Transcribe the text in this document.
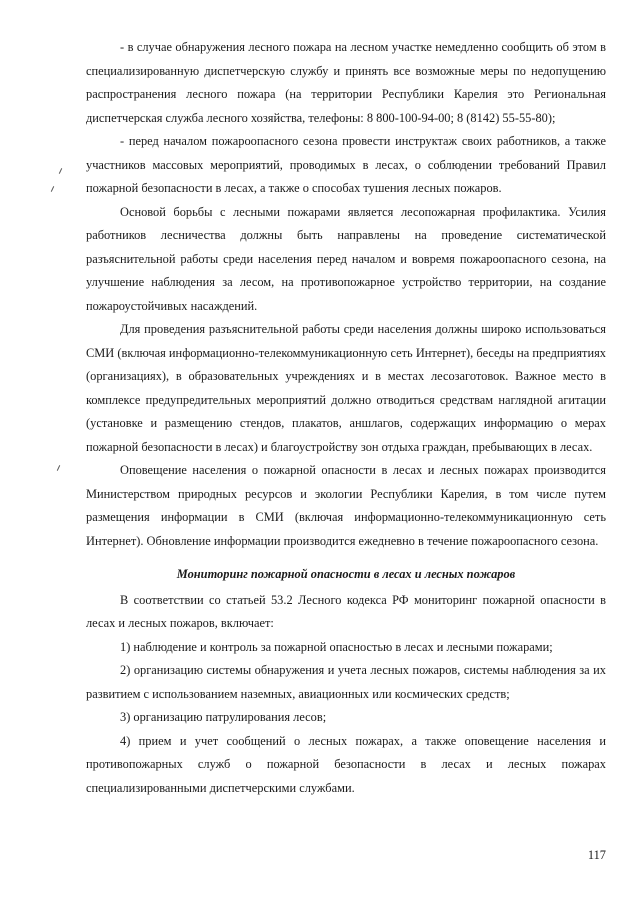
- в случае обнаружения лесного пожара на лесном участке немедленно сообщить об этом в специализированную диспетчерскую службу и принять все возможные меры по недопущению распространения лесного пожара (на территории Республики Карелия это Региональная диспетчерская служба лесного хозяйства, телефоны: 8 800-100-94-00; 8 (8142) 55-55-80);

- перед началом пожароопасного сезона провести инструктаж своих работников, а также участников массовых мероприятий, проводимых в лесах, о соблюдении требований Правил пожарной безопасности в лесах, а также о способах тушения лесных пожаров.

Основой борьбы с лесными пожарами является лесопожарная профилактика. Усилия работников лесничества должны быть направлены на проведение систематической разъяснительной работы среди населения перед началом и вовремя пожароопасного сезона, на улучшение наблюдения за лесом, на противопожарное устройство территории, на создание пожароустойчивых насаждений.

Для проведения разъяснительной работы среди населения должны широко использоваться СМИ (включая информационно-телекоммуникационную сеть Интернет), беседы на предприятиях (организациях), в образовательных учреждениях и в местах лесозаготовок. Важное место в комплексе предупредительных мероприятий должно отводиться средствам наглядной агитации (установке и размещению стендов, плакатов, аншлагов, содержащих информацию о мерах пожарной безопасности в лесах) и благоустройству зон отдыха граждан, пребывающих в лесах.

Оповещение населения о пожарной опасности в лесах и лесных пожарах производится Министерством природных ресурсов и экологии Республики Карелия, в том числе путем размещения информации в СМИ (включая информационно-телекоммуникационную сеть Интернет). Обновление информации производится ежедневно в течение пожароопасного сезона.

Мониторинг пожарной опасности в лесах и лесных пожаров

В соответствии со статьей 53.2 Лесного кодекса РФ мониторинг пожарной опасности в лесах и лесных пожаров, включает:

1) наблюдение и контроль за пожарной опасностью в лесах и лесными пожарами;

2) организацию системы обнаружения и учета лесных пожаров, системы наблюдения за их развитием с использованием наземных, авиационных или космических средств;

3) организацию патрулирования лесов;

4) прием и учет сообщений о лесных пожарах, а также оповещение населения и противопожарных служб о пожарной безопасности в лесах и лесных пожарах специализированными диспетчерскими службами.

117
